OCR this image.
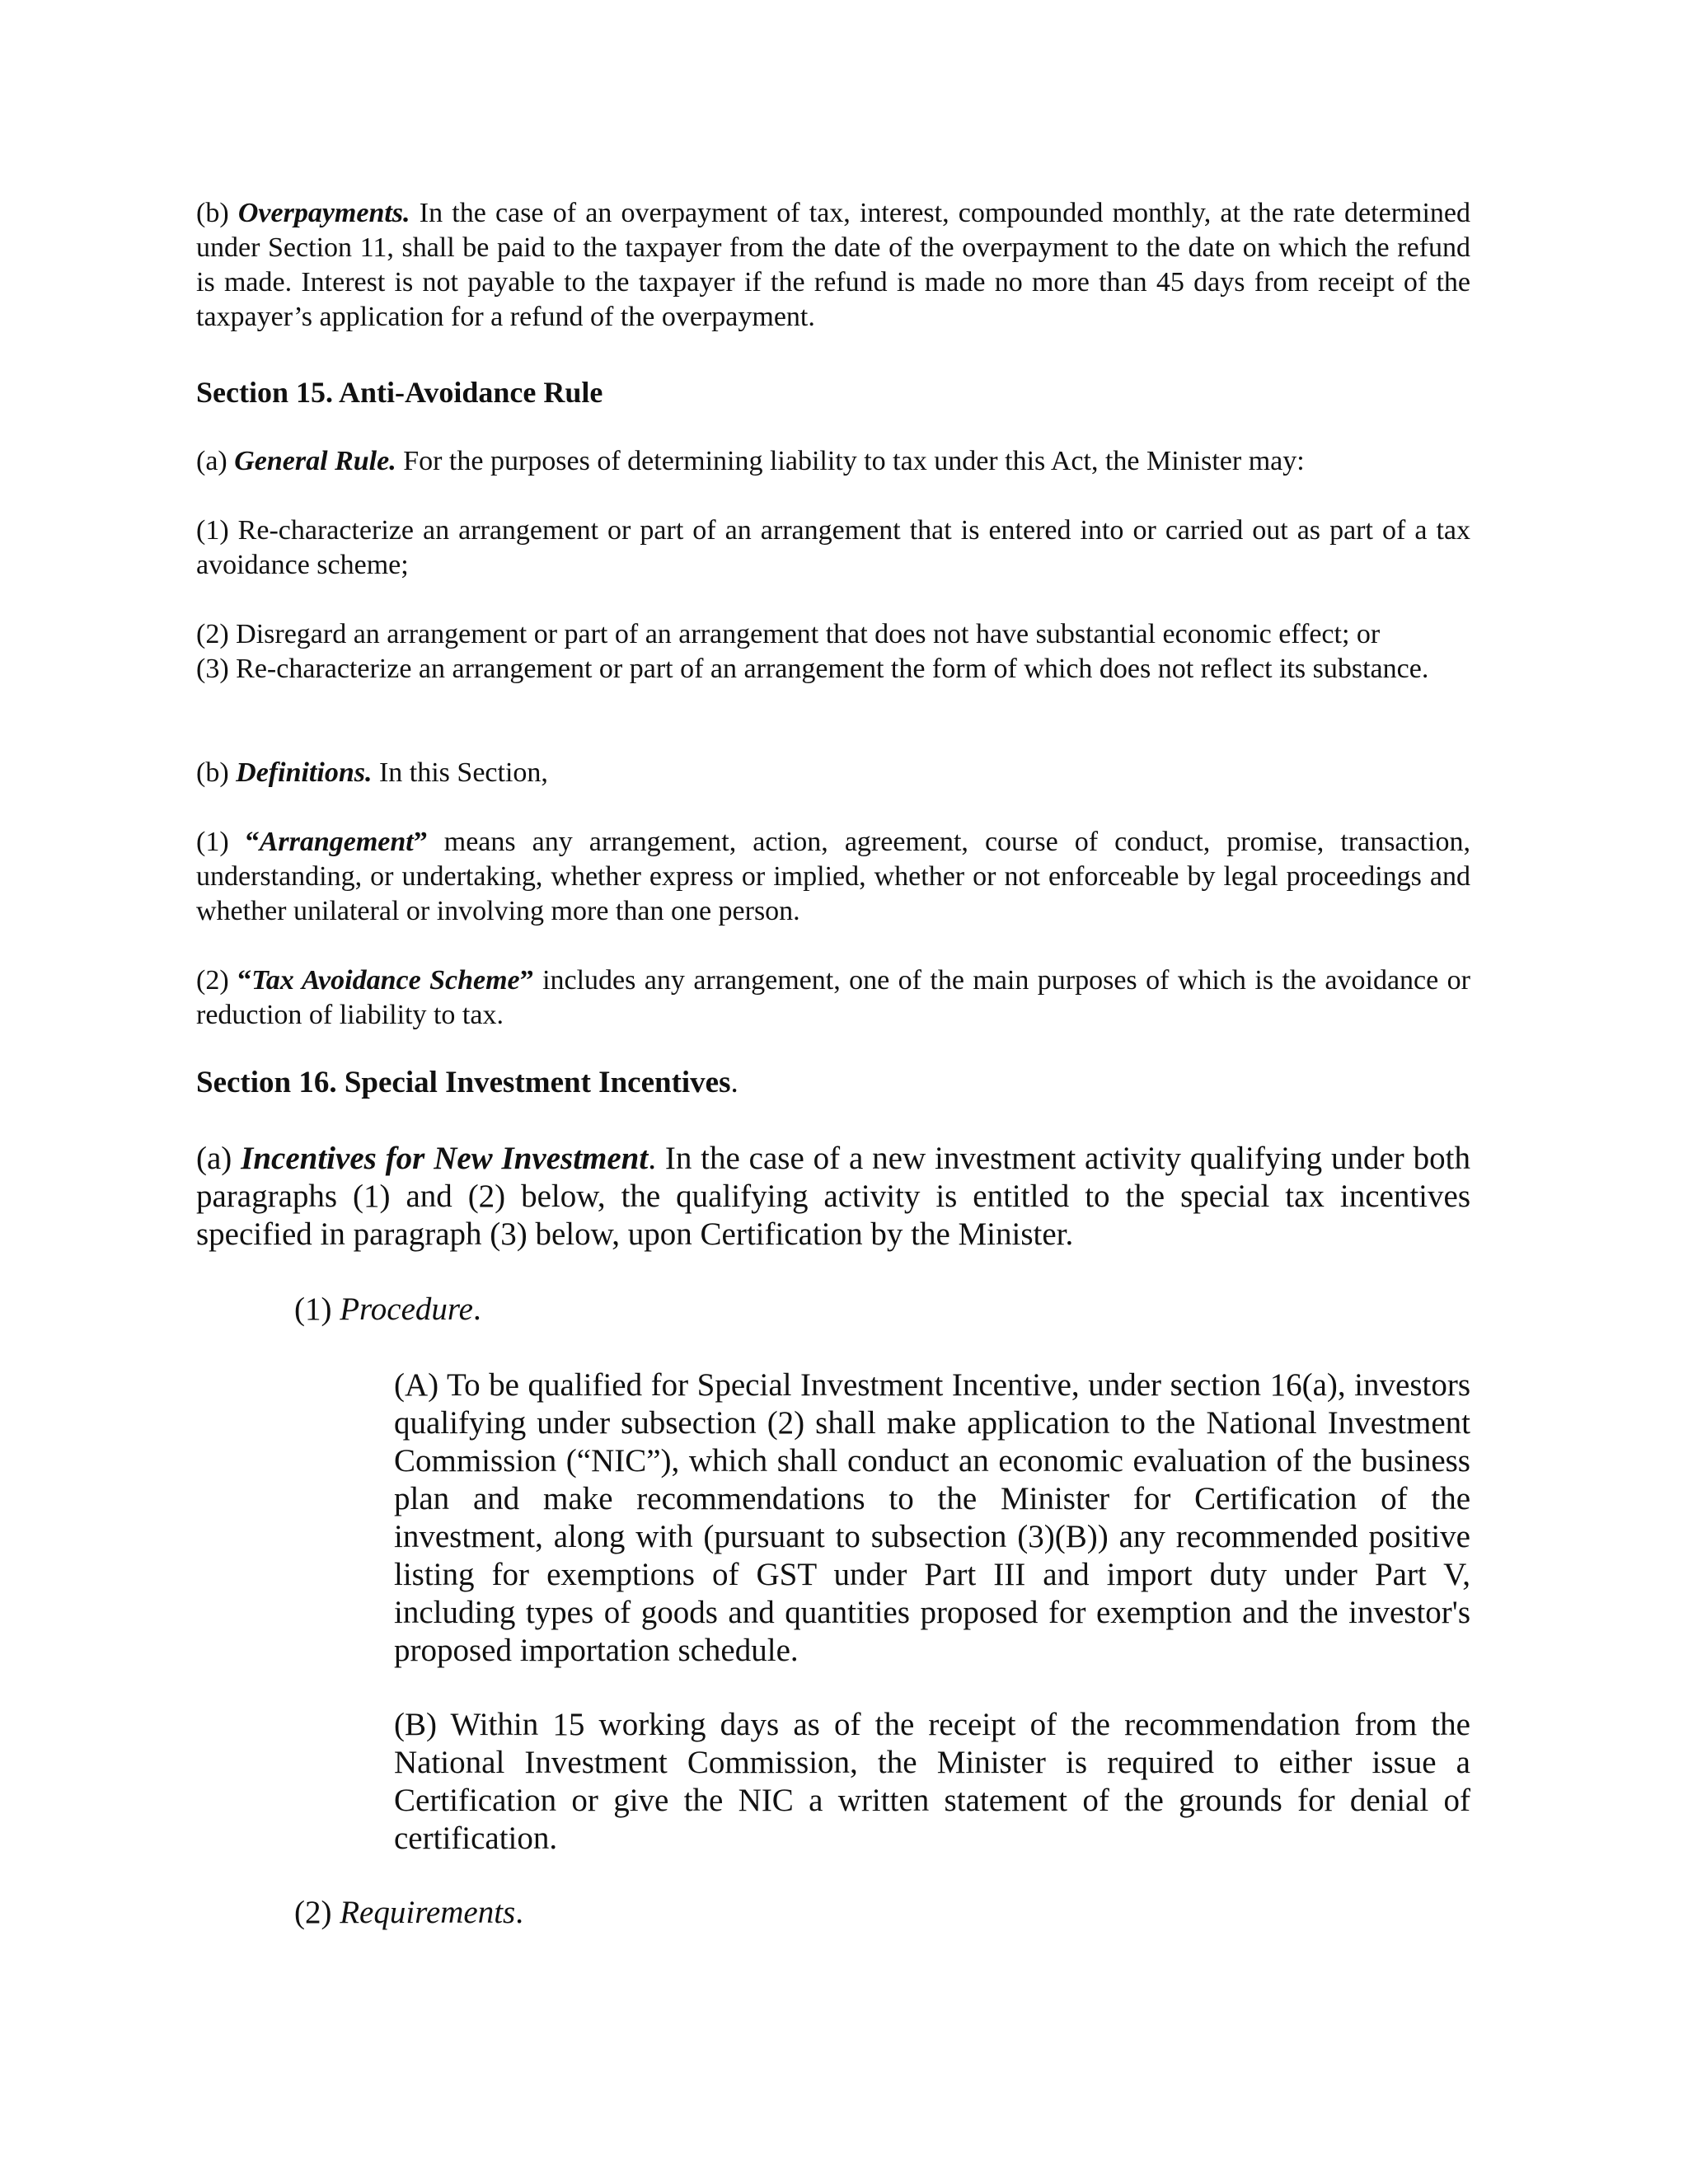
(b) Overpayments. In the case of an overpayment of tax, interest, compounded monthly, at the rate determined under Section 11, shall be paid to the taxpayer from the date of the overpayment to the date on which the refund is made. Interest is not payable to the taxpayer if the refund is made no more than 45 days from receipt of the taxpayer’s application for a refund of the overpayment.

Section 15. Anti-Avoidance Rule

(a) General Rule. For the purposes of determining liability to tax under this Act, the Minister may:

(1) Re-characterize an arrangement or part of an arrangement that is entered into or carried out as part of a tax avoidance scheme;

(2) Disregard an arrangement or part of an arrangement that does not have substantial economic effect; or

(3) Re-characterize an arrangement or part of an arrangement the form of which does not reflect its substance.

(b) Definitions. In this Section,

(1) “Arrangement” means any arrangement, action, agreement, course of conduct, promise, transaction, understanding, or undertaking, whether express or implied, whether or not enforceable by legal proceedings and whether unilateral or involving more than one person.

(2) “Tax Avoidance Scheme” includes any arrangement, one of the main purposes of which is the avoidance or reduction of liability to tax.

Section 16. Special Investment Incentives.

(a) Incentives for New Investment. In the case of a new investment activity qualifying under both paragraphs (1) and (2) below, the qualifying activity is entitled to the special tax incentives specified in paragraph (3) below, upon Certification by the Minister.

(1) Procedure.

(A) To be qualified for Special Investment Incentive, under section 16(a), investors qualifying under subsection (2) shall make application to the National Investment Commission (“NIC”), which shall conduct an economic evaluation of the business plan and make recommendations to the Minister for Certification of the investment, along with (pursuant to subsection (3)(B)) any recommended positive listing for exemptions of GST under Part III and import duty under Part V, including types of goods and quantities proposed for exemption and the investor's proposed importation schedule.

(B) Within 15 working days as of the receipt of the recommendation from the National Investment Commission, the Minister is required to either issue a Certification or give the NIC a written statement of the grounds for denial of certification.

(2) Requirements.
